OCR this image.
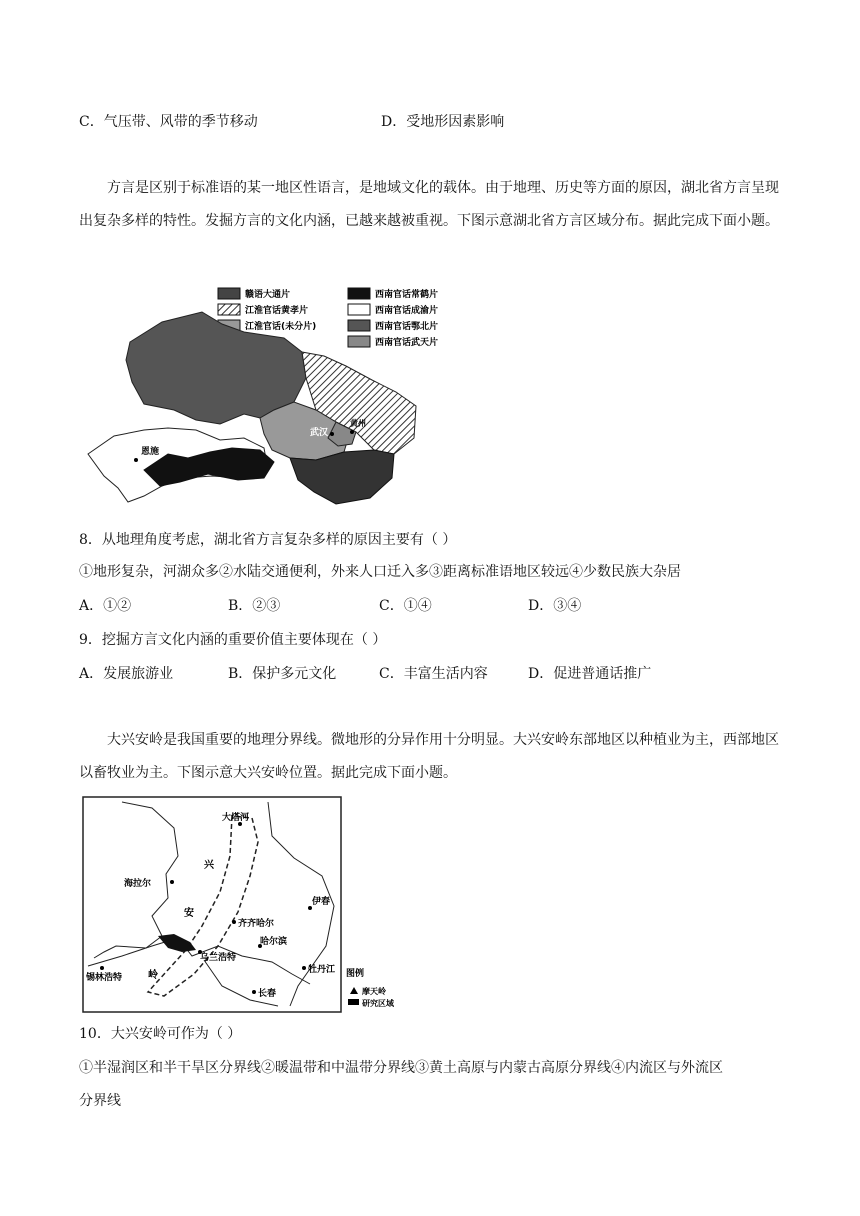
C．气压带、风带的季节移动	D．受地形因素影响
方言是区别于标准语的某一地区性语言，是地域文化的载体。由于地理、历史等方面的原因，湖北省方言呈现出复杂多样的特性。发掘方言的文化内涵，已越来越被重视。下图示意湖北省方言区域分布。据此完成下面小题。
赣语大通片	西南官话常鹤片
江淮官话黄孝片	西南官话成渝片
江淮官话(未分片)	西南官话鄂北片
西南官话武天片
恩施
武汉
黄州
8．从地理角度考虑，湖北省方言复杂多样的原因主要有（ ）
①地形复杂，河湖众多②水陆交通便利，外来人口迁入多③距离标准语地区较远④少数民族大杂居
A．①②	B．②③	C．①④	D．③④
9．挖掘方言文化内涵的重要价值主要体现在（ ）
A．发展旅游业	B．保护多元文化	C．丰富生活内容	D．促进普通话推广
大兴安岭是我国重要的地理分界线。微地形的分异作用十分明显。大兴安岭东部地区以种植业为主，西部地区以畜牧业为主。下图示意大兴安岭位置。据此完成下面小题。
大塔河
海拉尔
兴
安
岭
齐齐哈尔
伊春
哈尔滨
乌兰浩特
锡林浩特
牡丹江
长春
图例
摩天岭
研究区域
10．大兴安岭可作为（ ）
①半湿润区和半干旱区分界线②暖温带和中温带分界线③黄土高原与内蒙古高原分界线④内流区与外流区
分界线
